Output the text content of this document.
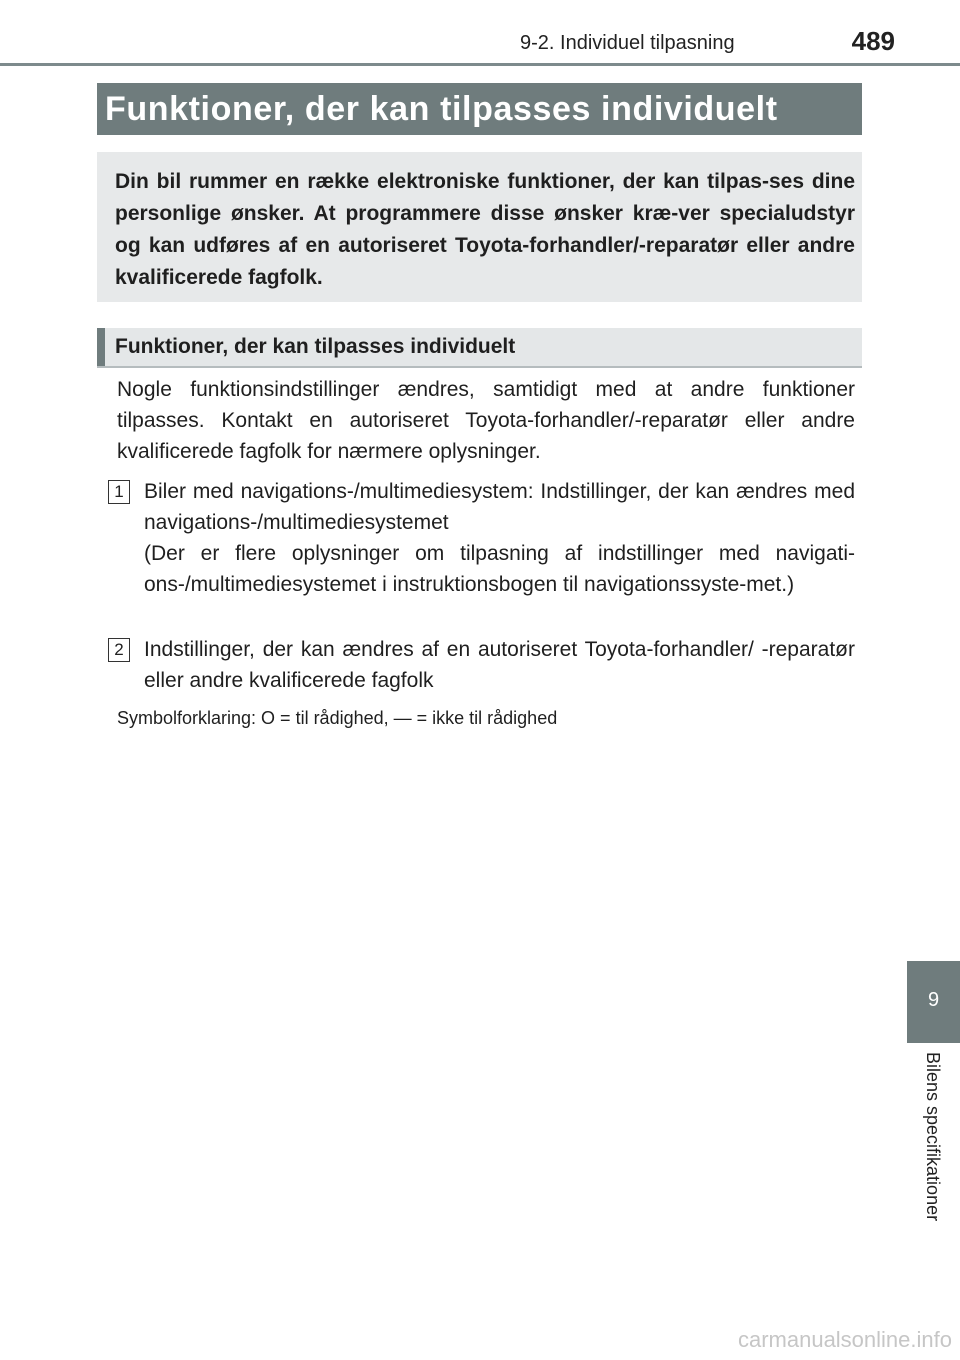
9-2. Individuel tilpasning	489
Funktioner, der kan tilpasses individuelt
Din bil rummer en række elektroniske funktioner, der kan tilpas-ses dine personlige ønsker. At programmere disse ønsker kræ-ver specialudstyr og kan udføres af en autoriseret Toyota-forhandler/-reparatør eller andre kvalificerede fagfolk.
Funktioner, der kan tilpasses individuelt
Nogle funktionsindstillinger ændres, samtidigt med at andre funktioner tilpasses. Kontakt en autoriseret Toyota-forhandler/-reparatør eller andre kvalificerede fagfolk for nærmere oplysninger.
1 Biler med navigations-/multimediesystem: Indstillinger, der kan ændres med navigations-/multimediesystemet
(Der er flere oplysninger om tilpasning af indstillinger med navigati-ons-/multimediesystemet i instruktionsbogen til navigationssyste-met.)
2 Indstillinger, der kan ændres af en autoriseret Toyota-forhandler/ -reparatør eller andre kvalificerede fagfolk
Symbolforklaring: O = til rådighed, — = ikke til rådighed
9
Bilens specifikationer
carmanualsonline.info
